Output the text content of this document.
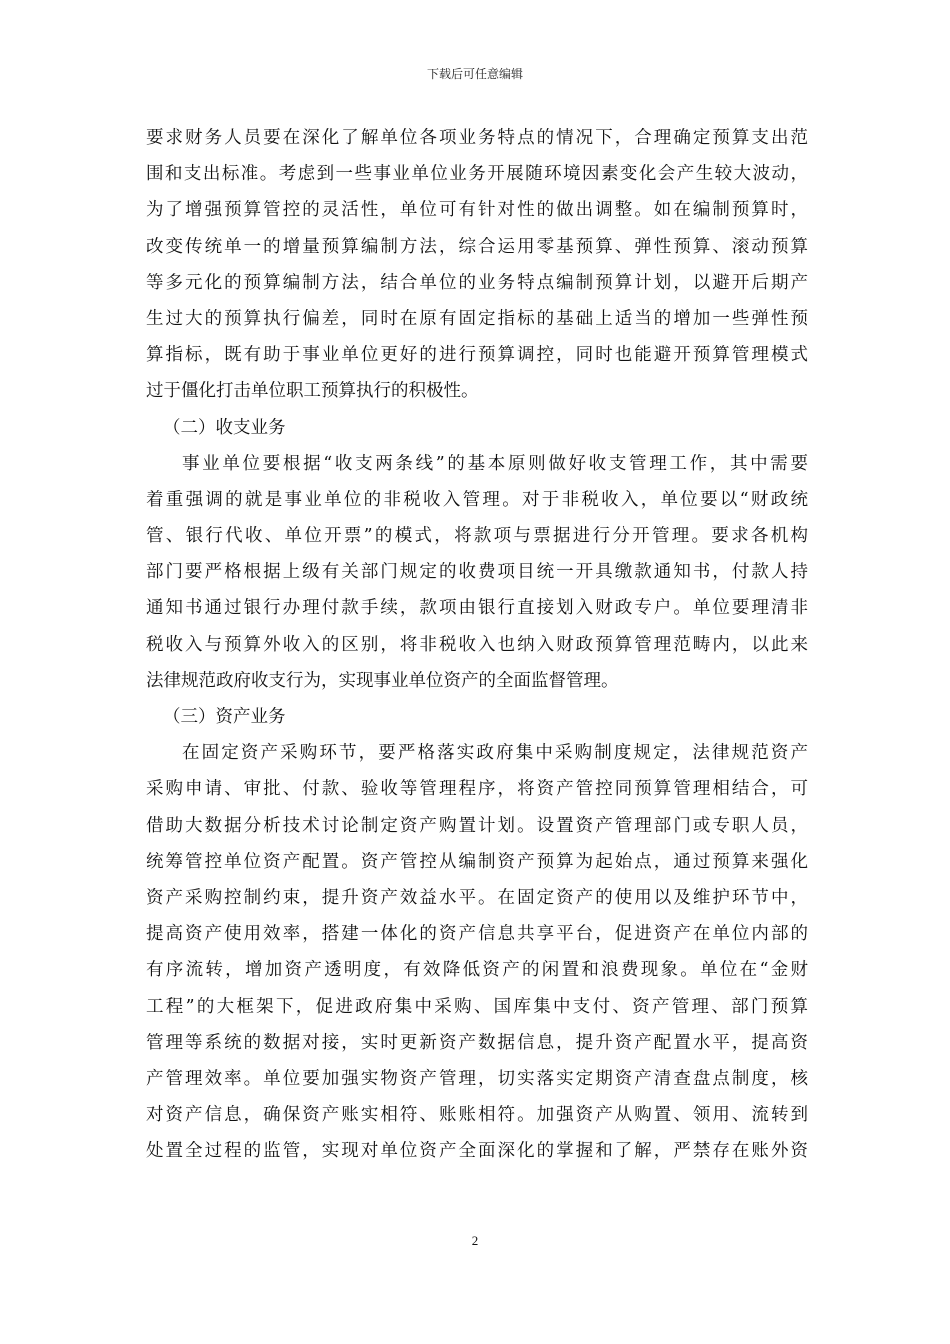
下载后可任意编辑
要求财务人员要在深化了解单位各项业务特点的情况下，合理确定预算支出范
围和支出标准。考虑到一些事业单位业务开展随环境因素变化会产生较大波动，
为了增强预算管控的灵活性，单位可有针对性的做出调整。如在编制预算时，
改变传统单一的增量预算编制方法，综合运用零基预算、弹性预算、滚动预算
等多元化的预算编制方法，结合单位的业务特点编制预算计划，以避开后期产
生过大的预算执行偏差，同时在原有固定指标的基础上适当的增加一些弹性预
算指标，既有助于事业单位更好的进行预算调控，同时也能避开预算管理模式
过于僵化打击单位职工预算执行的积极性。
（二）收支业务
事业单位要根据“收支两条线”的基本原则做好收支管理工作，其中需要
着重强调的就是事业单位的非税收入管理。对于非税收入，单位要以“财政统
管、银行代收、单位开票”的模式，将款项与票据进行分开管理。要求各机构
部门要严格根据上级有关部门规定的收费项目统一开具缴款通知书，付款人持
通知书通过银行办理付款手续，款项由银行直接划入财政专户。单位要理清非
税收入与预算外收入的区别，将非税收入也纳入财政预算管理范畴内，以此来
法律规范政府收支行为，实现事业单位资产的全面监督管理。
（三）资产业务
在固定资产采购环节，要严格落实政府集中采购制度规定，法律规范资产
采购申请、审批、付款、验收等管理程序，将资产管控同预算管理相结合，可
借助大数据分析技术讨论制定资产购置计划。设置资产管理部门或专职人员，
统筹管控单位资产配置。资产管控从编制资产预算为起始点，通过预算来强化
资产采购控制约束，提升资产效益水平。在固定资产的使用以及维护环节中，
提高资产使用效率，搭建一体化的资产信息共享平台，促进资产在单位内部的
有序流转，增加资产透明度，有效降低资产的闲置和浪费现象。单位在“金财
工程”的大框架下，促进政府集中采购、国库集中支付、资产管理、部门预算
管理等系统的数据对接，实时更新资产数据信息，提升资产配置水平，提高资
产管理效率。单位要加强实物资产管理，切实落实定期资产清查盘点制度，核
对资产信息，确保资产账实相符、账账相符。加强资产从购置、领用、流转到
处置全过程的监管，实现对单位资产全面深化的掌握和了解，严禁存在账外资
2
